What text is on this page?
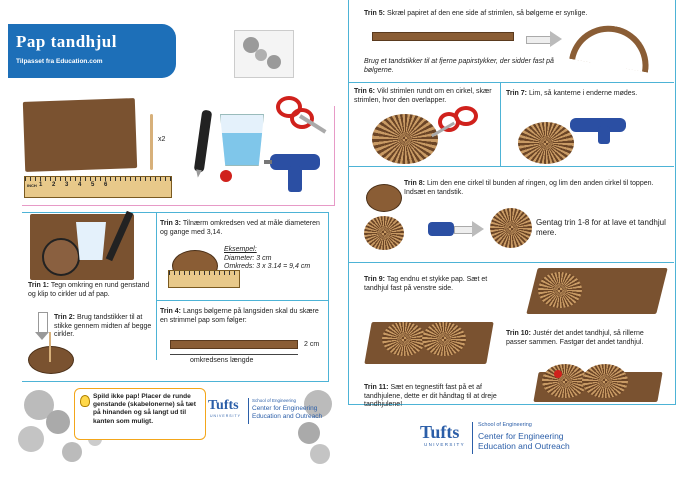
Pap tandhjul
Tilpasset fra Education.com
INCH 1 2 3 4 5 6
x2
Trin 1: Tegn omkring en rund genstand og klip to cirkler ud af pap.
Trin 2: Brug tandstikker til at stikke gennem midten af begge cirkler.
Trin 3: Tilnærm omkredsen ved at måle diameteren og gange med 3,14.
Eksempel:
Diameter: 3 cm
Omkreds: 3 x 3.14 = 9,4 cm
Trin 4: Langs bølgerne på langsiden skal du skære en strimmel pap som følger:
2 cm
omkredsens længde
Spild ikke pap! Placer de runde genstande (skabelonerne) så tæt på hinanden og så langt ud til kanten som muligt.
Tufts
UNIVERSITY
School of Engineering
Center for Engineering
Education and Outreach
Trin 5: Skræl papiret af den ene side af strimlen, så bølgerne er synlige.
Brug et tandstikker til at fjerne papirstykker, der sidder fast på bølgerne.
Trin 6: Vikl strimlen rundt om en cirkel, skær strimlen, hvor den overlapper.
Trin 7: Lim, så kanterne i enderne mødes.
Trin 8: Lim den ene cirkel til bunden af ringen, og lim den anden cirkel til toppen. Indsæt en tandstik.
Gentag trin 1-8 for at lave et tandhjul mere.
Trin 9: Tag endnu et stykke pap. Sæt et tandhjul fast på venstre side.
Trin 10: Justér det andet tandhjul, så rillerne passer sammen. Fastgør det andet tandhjul.
Trin 11: Sæt en tegnestift fast på et af tandhjulene, dette er dit håndtag til at dreje tandhjulene!
Tufts
UNIVERSITY
School of Engineering
Center for Engineering
Education and Outreach
